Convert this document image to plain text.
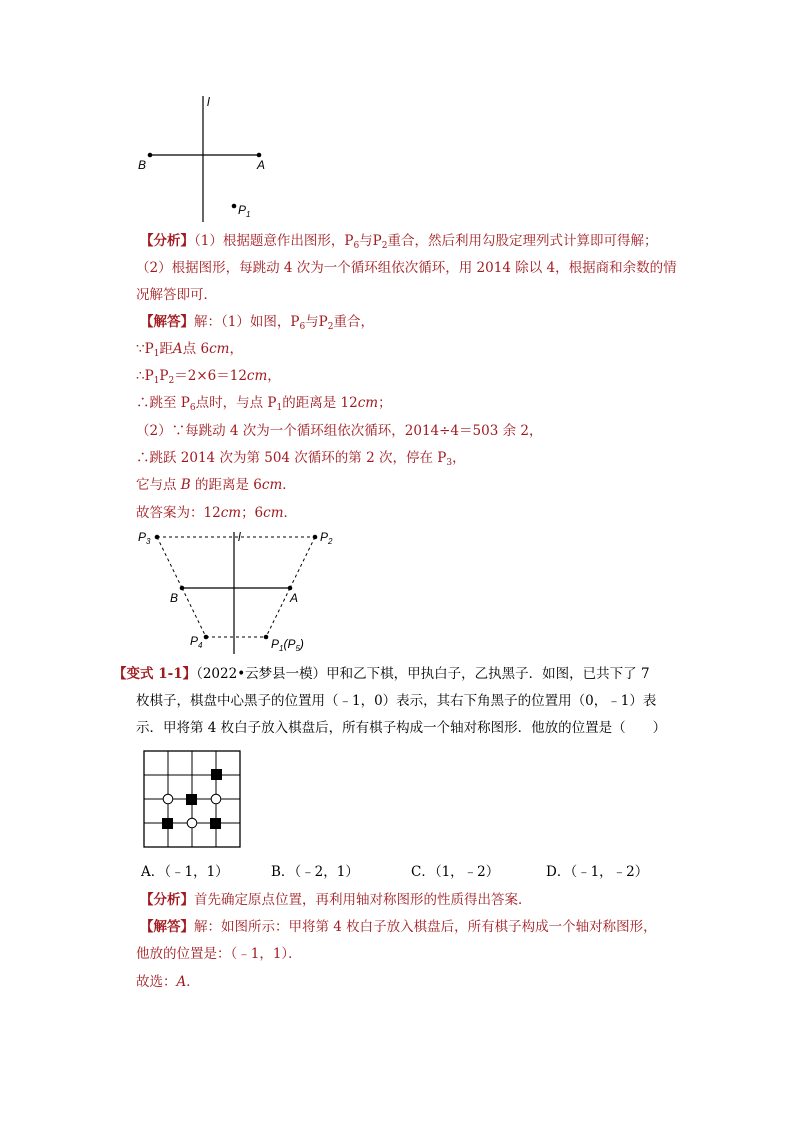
l
B	A
$P_1$
【分析】（1）根据题意作出图形，$P_6$与$P_2$重合，然后利用勾股定理列式计算即可得解；
（2）根据图形，每跳动 4 次为一个循环组依次循环，用 2014 除以 4，根据商和余数的情
况解答即可．
【解答】解：（1）如图，$P_6$与$P_2$重合，
$\because P_1$距A点 6cm，
$\therefore P_1P_2=2\times 6=12cm$，
∴跳至 $P_6$点时，与点 $P_1$的距离是 12cm；
（2）∵每跳动 4 次为一个循环组依次循环，2014÷4＝503 余 2，
∴跳跃 2014 次为第 504 次循环的第 2 次，停在 $P_3$，
它与点 B 的距离是 6cm．
故答案为：12cm；6cm．
$P_3$	l	$P_2$
B	A
$P_4$	$P_1(P_5)$
【变式 1-1】（2022•云梦县一模）甲和乙下棋，甲执白子，乙执黑子．如图，已共下了 7
枚棋子，棋盘中心黑子的位置用（﹣1，0）表示，其右下角黑子的位置用（0，﹣1）表
示．甲将第 4 枚白子放入棋盘后，所有棋子构成一个轴对称图形．他放的位置是（　　）
A．（﹣1，1）	B．（﹣2，1）	C．（1，﹣2）	D．（﹣1，﹣2）
【分析】首先确定原点位置，再利用轴对称图形的性质得出答案．
【解答】解：如图所示：甲将第 4 枚白子放入棋盘后，所有棋子构成一个轴对称图形，
他放的位置是：（﹣1，1）．
故选：A．
